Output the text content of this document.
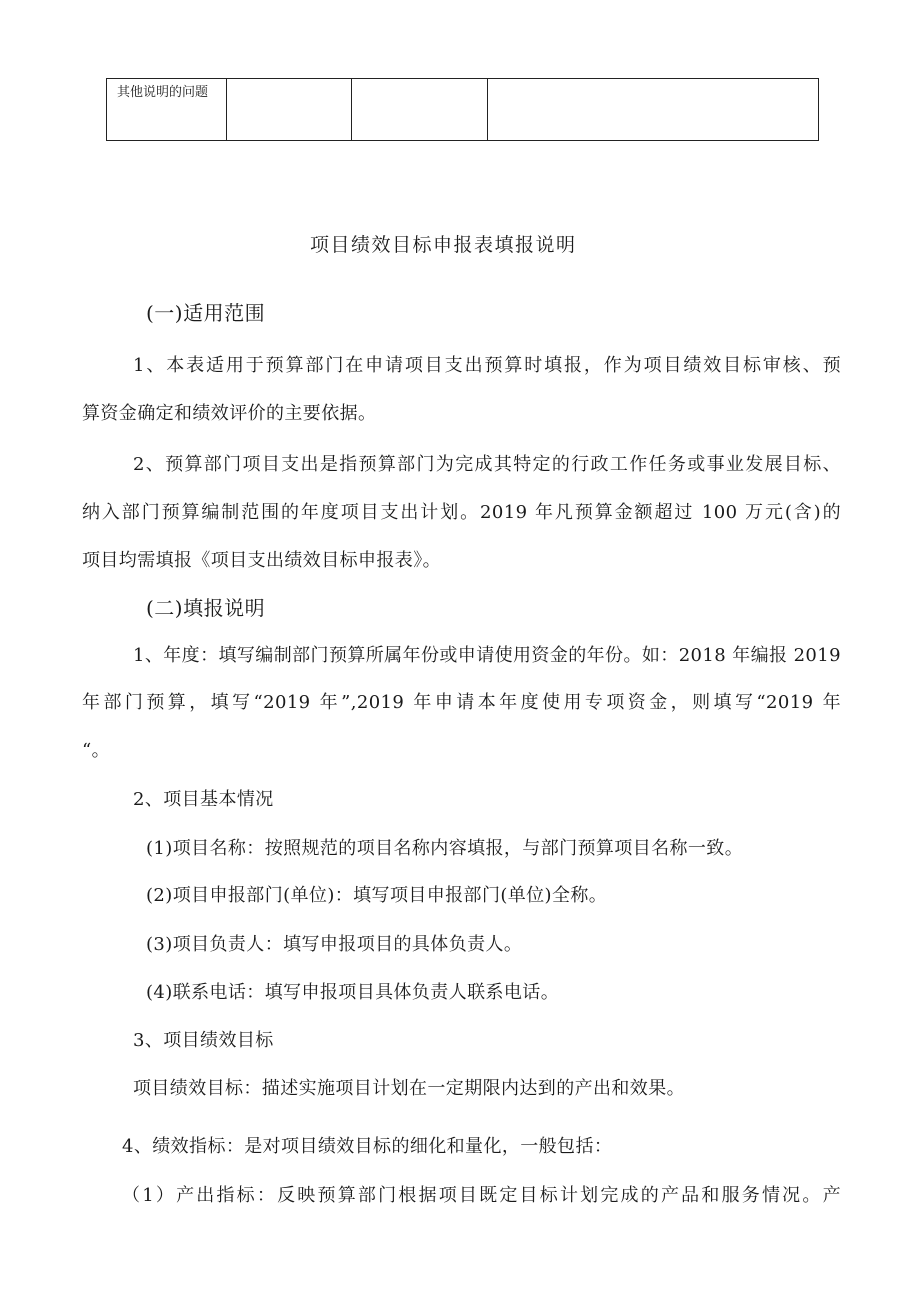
其他说明的问题			
项目绩效目标申报表填报说明
(一)适用范围
1、本表适用于预算部门在申请项目支出预算时填报，作为项目绩效目标审核、预
算资金确定和绩效评价的主要依据。
2、预算部门项目支出是指预算部门为完成其特定的行政工作任务或事业发展目标、
纳入部门预算编制范围的年度项目支出计划。2019 年凡预算金额超过 100 万元(含)的
项目均需填报《项目支出绩效目标申报表》。
(二)填报说明
1、年度：填写编制部门预算所属年份或申请使用资金的年份。如：2018 年编报 2019
年部门预算，填写“2019 年”,2019 年申请本年度使用专项资金，则填写“2019 年
“。
2、项目基本情况
(1)项目名称：按照规范的项目名称内容填报，与部门预算项目名称一致。
(2)项目申报部门(单位)：填写项目申报部门(单位)全称。
(3)项目负责人：填写申报项目的具体负责人。
(4)联系电话：填写申报项目具体负责人联系电话。
3、项目绩效目标
项目绩效目标：描述实施项目计划在一定期限内达到的产出和效果。
4、绩效指标：是对项目绩效目标的细化和量化，一般包括：
（1）产出指标：反映预算部门根据项目既定目标计划完成的产品和服务情况。产
